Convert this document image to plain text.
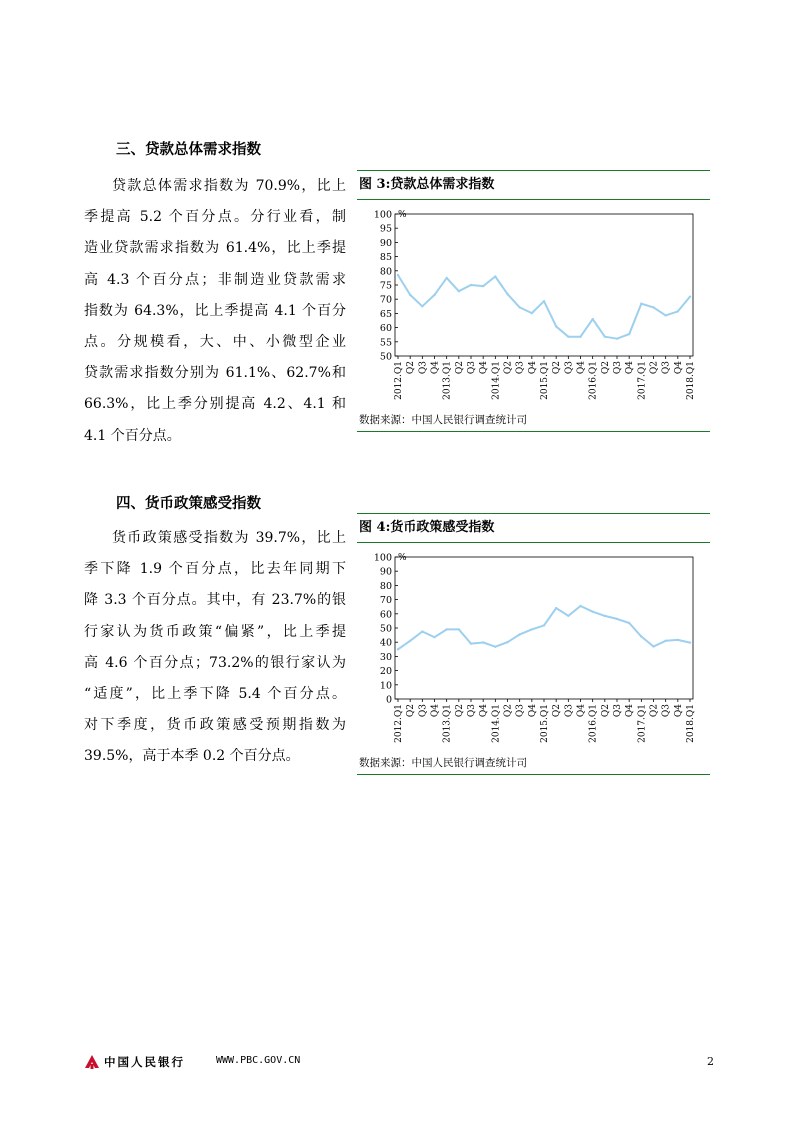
三、贷款总体需求指数

贷款总体需求指数为 70.9%，比上
季提高 5.2 个百分点。分行业看，制
造业贷款需求指数为 61.4%，比上季提
高 4.3 个百分点；非制造业贷款需求
指数为 64.3%，比上季提高 4.1 个百分
点。分规模看，大、中、小微型企业
贷款需求指数分别为 61.1%、62.7%和
66.3%，比上季分别提高 4.2、4.1 和
4.1 个百分点。

图 3:贷款总体需求指数
50
55
60
65
70
75
80
85
90
95
100 %
2012.Q1 Q2 Q3 Q4 2013.Q1 Q2 Q3 Q4 2014.Q1 Q2 Q3 Q4 2015.Q1 Q2 Q3 Q4 2016.Q1 Q2 Q3 Q4 2017.Q1 Q2 Q3 Q4 2018.Q1
数据来源：中国人民银行调查统计司
四、货币政策感受指数

货币政策感受指数为 39.7%，比上
季下降 1.9 个百分点，比去年同期下
降 3.3 个百分点。其中，有 23.7%的银
行家认为货币政策“偏紧”，比上季提
高 4.6 个百分点；73.2%的银行家认为
“适度”，比上季下降 5.4 个百分点。
对下季度，货币政策感受预期指数为
39.5%，高于本季 0.2 个百分点。

图 4:货币政策感受指数
0
10
20
30
40
50
60
70
80
90
100 %
2012.Q1 Q2 Q3 Q4 2013.Q1 Q2 Q3 Q4 2014.Q1 Q2 Q3 Q4 2015.Q1 Q2 Q3 Q4 2016.Q1 Q2 Q3 Q4 2017.Q1 Q2 Q3 Q4 2018.Q1
数据来源：中国人民银行调查统计司
中国人民银行	WWW.PBC.GOV.CN	2
